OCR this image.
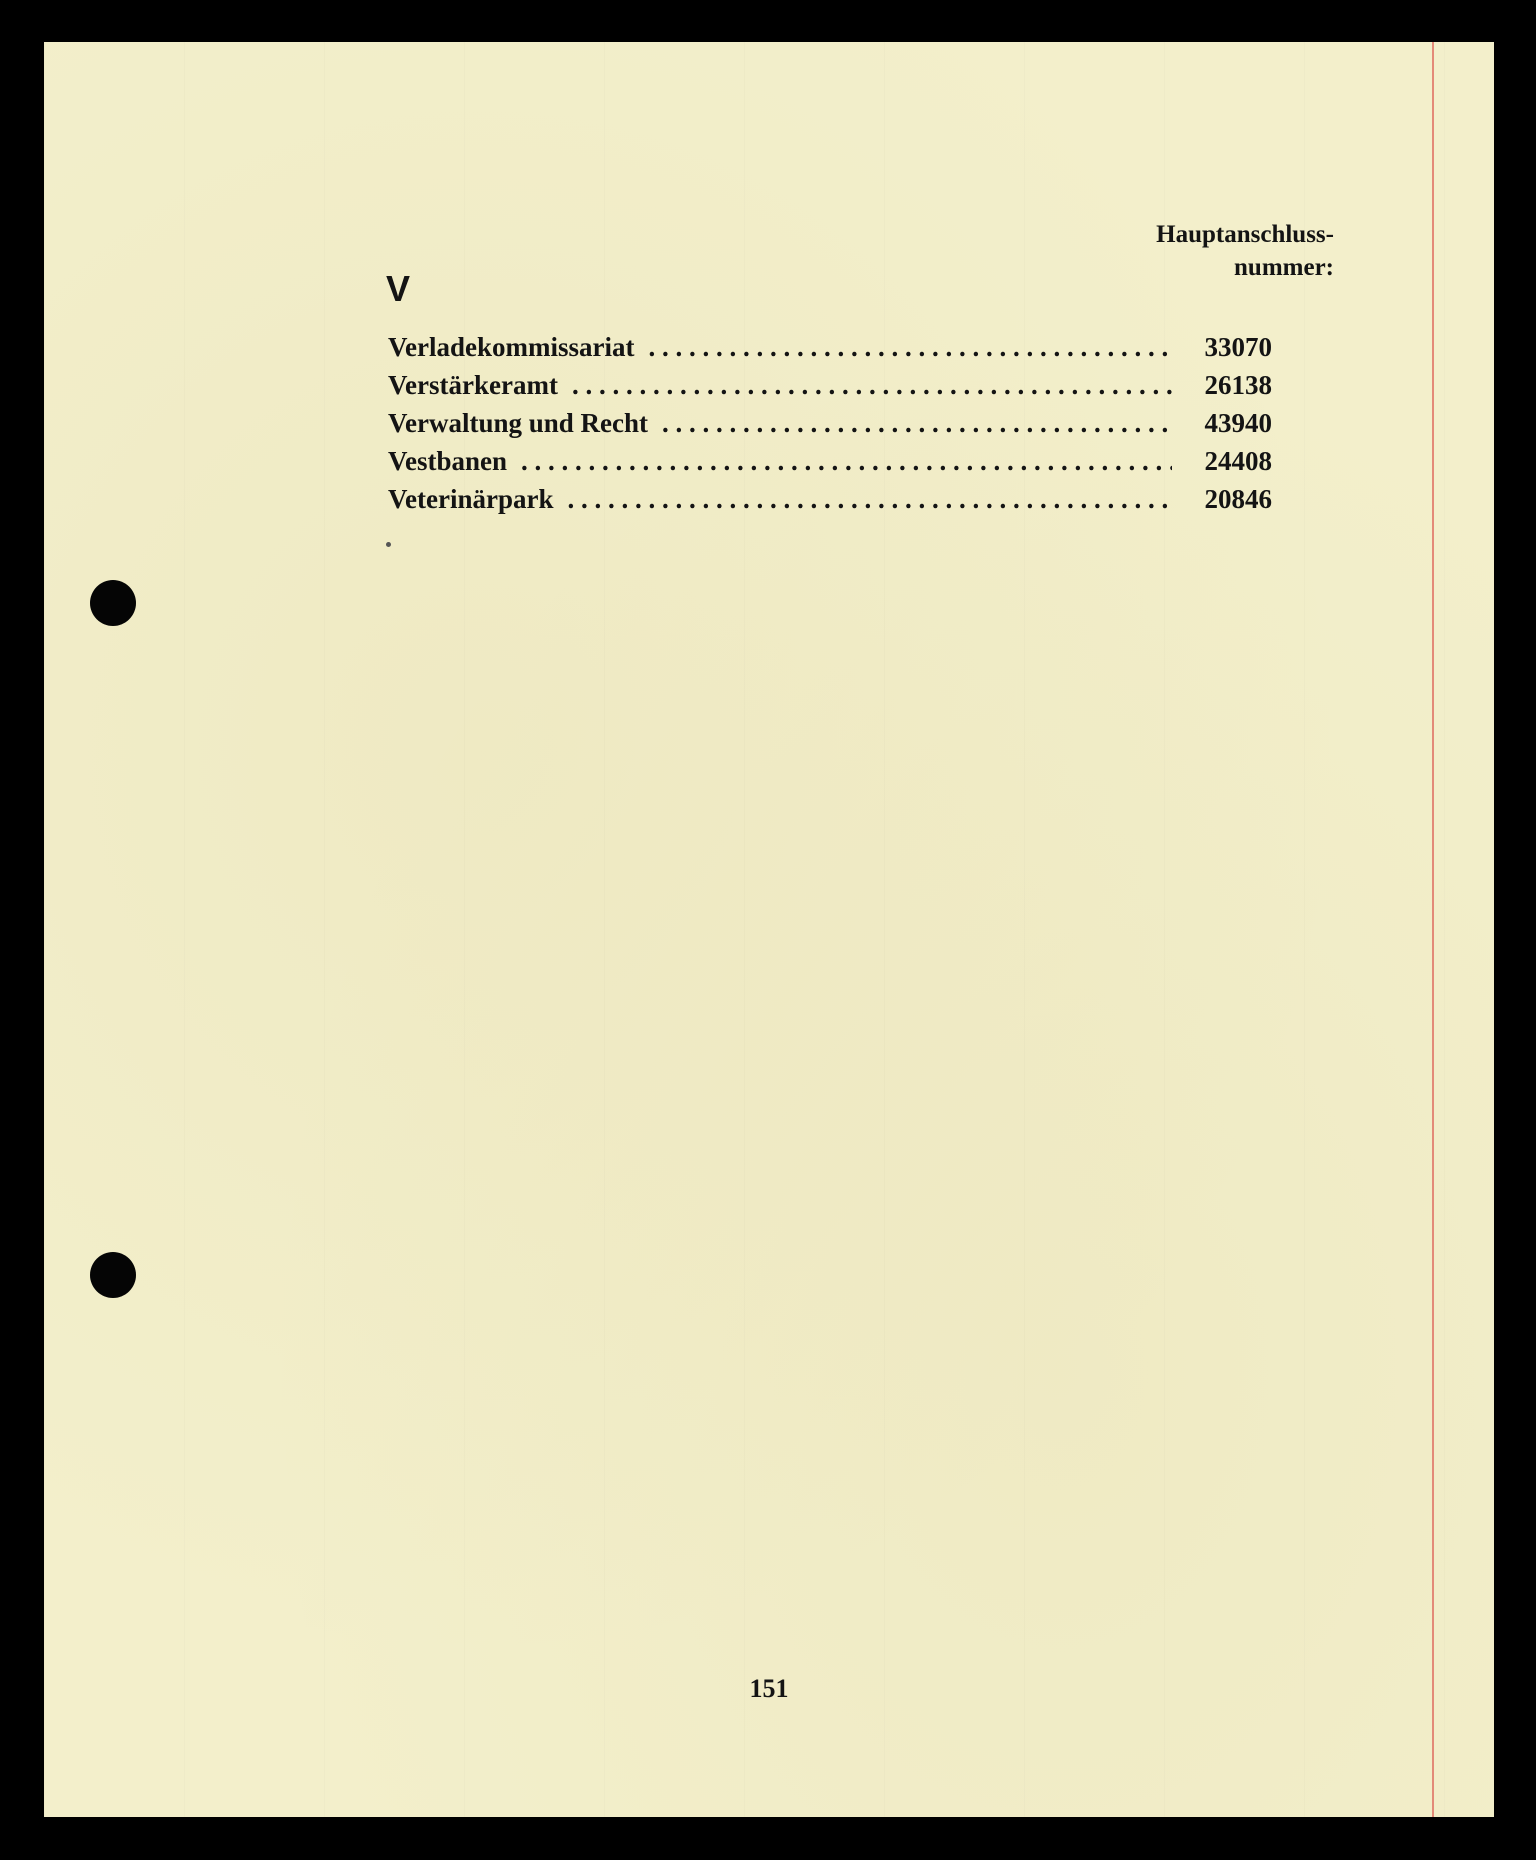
Hauptanschluss-
nummer:
V
Verladekommissariat . . .	33070
Verstärkeramt . . .	26138
Verwaltung und Recht . . .	43940
Vestbanen . . .	24408
Veterinärpark . . .	20846
151
